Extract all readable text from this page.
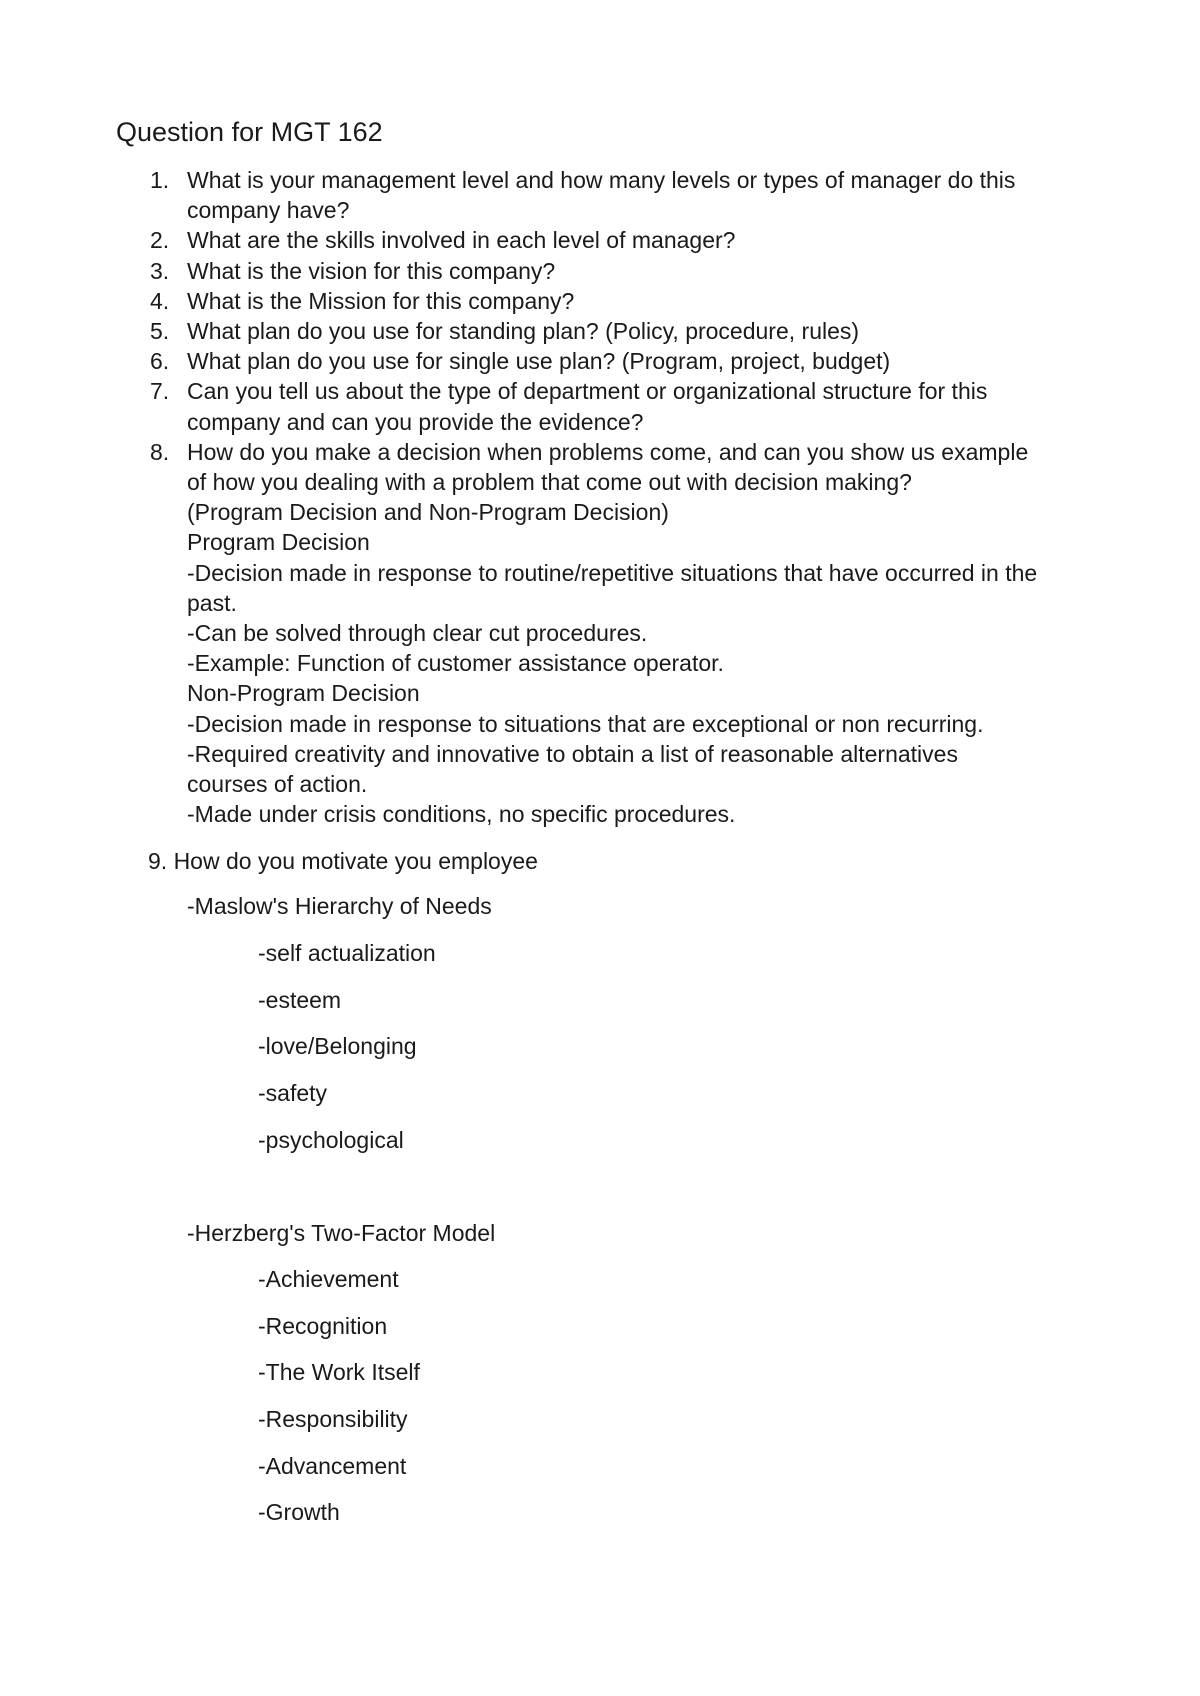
Question for MGT 162
1. What is your management level and how many levels or types of manager do this
company have?
2. What are the skills involved in each level of manager?
3. What is the vision for this company?
4. What is the Mission for this company?
5. What plan do you use for standing plan? (Policy, procedure, rules)
6. What plan do you use for single use plan? (Program, project, budget)
7. Can you tell us about the type of department or organizational structure for this
company and can you provide the evidence?
8. How do you make a decision when problems come, and can you show us example
of how you dealing with a problem that come out with decision making?
(Program Decision and Non-Program Decision)
Program Decision
-Decision made in response to routine/repetitive situations that have occurred in the
past.
-Can be solved through clear cut procedures.
-Example: Function of customer assistance operator.
Non-Program Decision
-Decision made in response to situations that are exceptional or non recurring.
-Required creativity and innovative to obtain a list of reasonable alternatives
courses of action.
-Made under crisis conditions, no specific procedures.
9. How do you motivate you employee
-Maslow's Hierarchy of Needs
-self actualization
-esteem
-love/Belonging
-safety
-psychological
-Herzberg's Two-Factor Model
-Achievement
-Recognition
-The Work Itself
-Responsibility
-Advancement
-Growth
